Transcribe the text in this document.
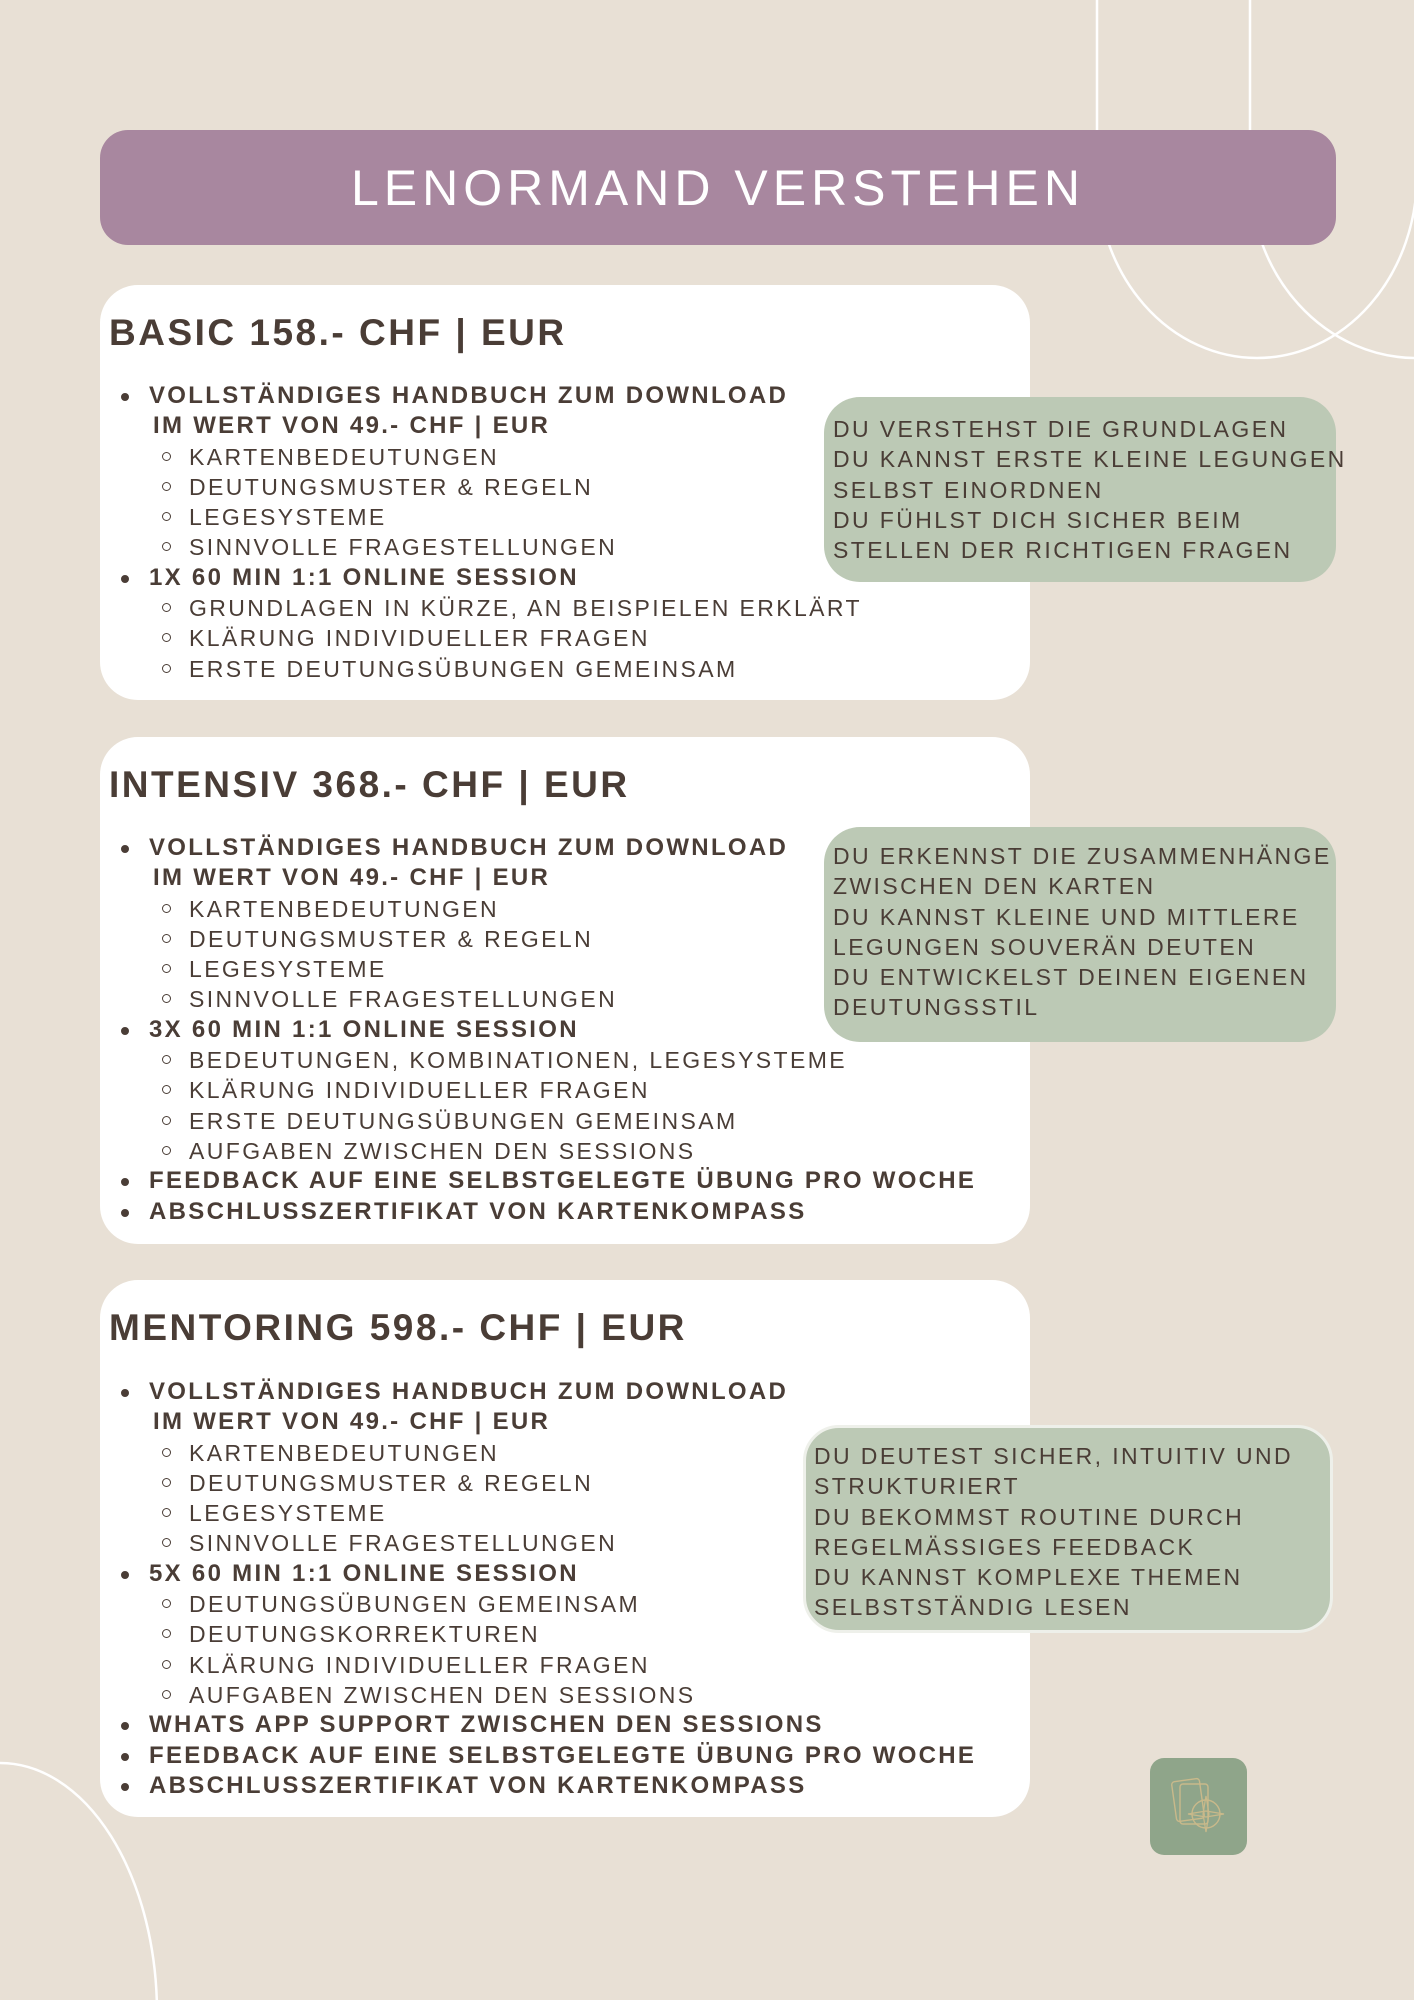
LENORMAND VERSTEHEN
BASIC 158.- CHF | EUR
VOLLSTÄNDIGES HANDBUCH ZUM DOWNLOAD
IM WERT VON 49.- CHF | EUR
KARTENBEDEUTUNGEN
DEUTUNGSMUSTER & REGELN
LEGESYSTEME
SINNVOLLE FRAGESTELLUNGEN
1X 60 MIN 1:1 ONLINE SESSION
GRUNDLAGEN IN KÜRZE, AN BEISPIELEN ERKLÄRT
KLÄRUNG INDIVIDUELLER FRAGEN
ERSTE DEUTUNGSÜBUNGEN GEMEINSAM
DU VERSTEHST DIE GRUNDLAGEN
DU KANNST ERSTE KLEINE LEGUNGEN
SELBST EINORDNEN
DU FÜHLST DICH SICHER BEIM
STELLEN DER RICHTIGEN FRAGEN
INTENSIV 368.- CHF | EUR
VOLLSTÄNDIGES HANDBUCH ZUM DOWNLOAD
IM WERT VON 49.- CHF | EUR
KARTENBEDEUTUNGEN
DEUTUNGSMUSTER & REGELN
LEGESYSTEME
SINNVOLLE FRAGESTELLUNGEN
3X 60 MIN 1:1 ONLINE SESSION
BEDEUTUNGEN, KOMBINATIONEN, LEGESYSTEME
KLÄRUNG INDIVIDUELLER FRAGEN
ERSTE DEUTUNGSÜBUNGEN GEMEINSAM
AUFGABEN ZWISCHEN DEN SESSIONS
FEEDBACK AUF EINE SELBSTGELEGTE ÜBUNG PRO WOCHE
ABSCHLUSSZERTIFIKAT VON KARTENKOMPASS
DU ERKENNST DIE ZUSAMMENHÄNGE
ZWISCHEN DEN KARTEN
DU KANNST KLEINE UND MITTLERE
LEGUNGEN SOUVERÄN DEUTEN
DU ENTWICKELST DEINEN EIGENEN
DEUTUNGSSTIL
MENTORING 598.- CHF | EUR
VOLLSTÄNDIGES HANDBUCH ZUM DOWNLOAD
IM WERT VON 49.- CHF | EUR
KARTENBEDEUTUNGEN
DEUTUNGSMUSTER & REGELN
LEGESYSTEME
SINNVOLLE FRAGESTELLUNGEN
5X 60 MIN 1:1 ONLINE SESSION
DEUTUNGSÜBUNGEN GEMEINSAM
DEUTUNGSKORREKTUREN
KLÄRUNG INDIVIDUELLER FRAGEN
AUFGABEN ZWISCHEN DEN SESSIONS
WHATS APP SUPPORT ZWISCHEN DEN SESSIONS
FEEDBACK AUF EINE SELBSTGELEGTE ÜBUNG PRO WOCHE
ABSCHLUSSZERTIFIKAT VON KARTENKOMPASS
DU DEUTEST SICHER, INTUITIV UND
STRUKTURIERT
DU BEKOMMST ROUTINE DURCH
REGELMÄSSIGES FEEDBACK
DU KANNST KOMPLEXE THEMEN
SELBSTSTÄNDIG LESEN
